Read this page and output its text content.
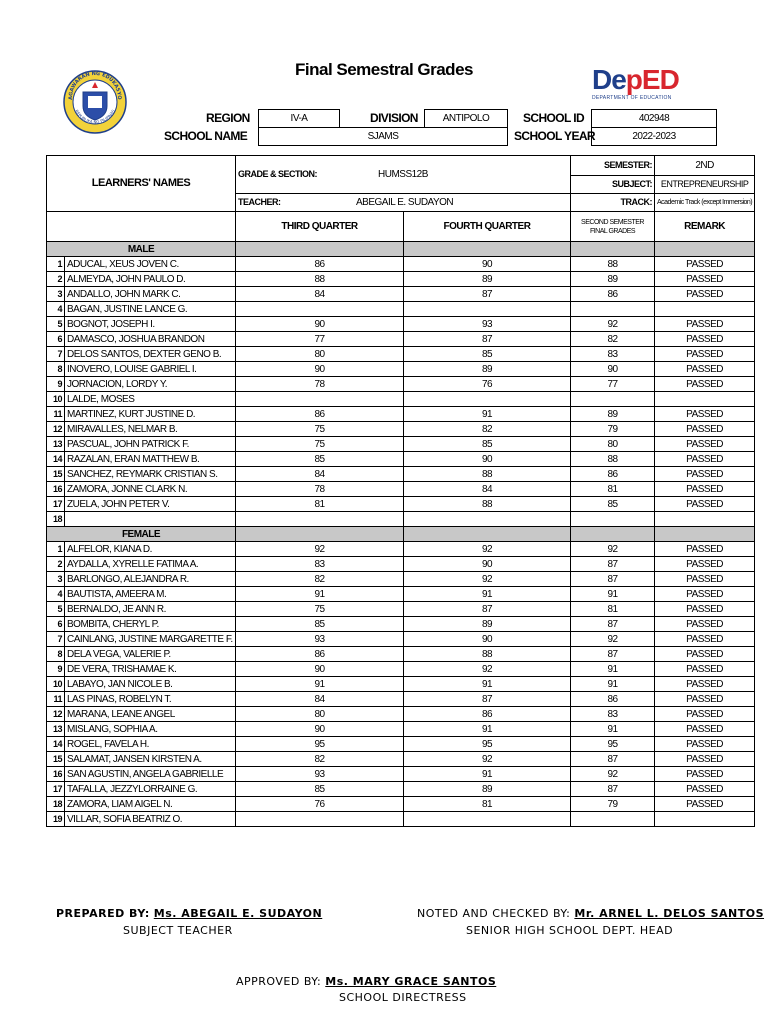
Final Semestral Grades
AGAWARAN NG EDUKASYO
REPUBLIKA NG PILIPINAS
DepED
DEPARTMENT OF EDUCATION
REGION	IV-A	DIVISION	ANTIPOLO	SCHOOL ID	402948
SCHOOL NAME	SJAMS	SCHOOL YEAR	2022-2023
LEARNERS' NAMES		GRADE & SECTION: HUMSS12B		SEMESTER:	2ND
				SUBJECT:	ENTREPRENEURSHIP

		TEACHER: ABEGAIL E. SUDAYON		TRACK:	Academic Track (except Immersion)
		THIRD QUARTER	FOURTH QUARTER	SECOND SEMESTER FINAL GRADES	REMARK
MALE					
1	ADUCAL, XEUS JOVEN C.	86	90	88	PASSED
2	ALMEYDA, JOHN PAULO D.	88	89	89	PASSED
3	ANDALLO, JOHN MARK C.	84	87	86	PASSED
4	BAGAN, JUSTINE LANCE G.				
5	BOGNOT, JOSEPH I.	90	93	92	PASSED
6	DAMASCO, JOSHUA BRANDON	77	87	82	PASSED
7	DELOS SANTOS, DEXTER GENO B.	80	85	83	PASSED
8	INOVERO, LOUISE GABRIEL I.	90	89	90	PASSED
9	JORNACION, LORDY Y.	78	76	77	PASSED
10	LALDE, MOSES				
11	MARTINEZ, KURT JUSTINE D.	86	91	89	PASSED
12	MIRAVALLES, NELMAR B.	75	82	79	PASSED
13	PASCUAL, JOHN PATRICK F.	75	85	80	PASSED
14	RAZALAN, ERAN MATTHEW B.	85	90	88	PASSED
15	SANCHEZ, REYMARK CRISTIAN S.	84	88	86	PASSED
16	ZAMORA, JONNE CLARK N.	78	84	81	PASSED
17	ZUELA, JOHN PETER V.	81	88	85	PASSED
18					
FEMALE					
1	ALFELOR, KIANA D.	92	92	92	PASSED
2	AYDALLA, XYRELLE FATIMA A.	83	90	87	PASSED
3	BARLONGO, ALEJANDRA R.	82	92	87	PASSED
4	BAUTISTA, AMEERA M.	91	91	91	PASSED
5	BERNALDO, JE ANN R.	75	87	81	PASSED
6	BOMBITA, CHERYL P.	85	89	87	PASSED
7	CAINLANG, JUSTINE MARGARETTE F.	93	90	92	PASSED
8	DELA VEGA, VALERIE P.	86	88	87	PASSED
9	DE VERA, TRISHAMAE K.	90	92	91	PASSED
10	LABAYO, JAN NICOLE B.	91	91	91	PASSED
11	LAS PINAS, ROBELYN T.	84	87	86	PASSED
12	MARANA, LEANE ANGEL	80	86	83	PASSED
13	MISLANG, SOPHIA A.	90	91	91	PASSED
14	ROGEL, FAVELA H.	95	95	95	PASSED
15	SALAMAT, JANSEN KIRSTEN A.	82	92	87	PASSED
16	SAN AGUSTIN, ANGELA GABRIELLE	93	91	92	PASSED
17	TAFALLA, JEZZYLORRAINE G.	85	89	87	PASSED
18	ZAMORA, LIAM AIGEL N.	76	81	79	PASSED
19	VILLAR, SOFIA BEATRIZ O.				
PREPARED BY: Ms. ABEGAIL E. SUDAYON
SUBJECT TEACHER
NOTED AND CHECKED BY: Mr. ARNEL L. DELOS SANTOS
SENIOR HIGH SCHOOL DEPT. HEAD
APPROVED BY: Ms. MARY GRACE SANTOS
SCHOOL DIRECTRESS
